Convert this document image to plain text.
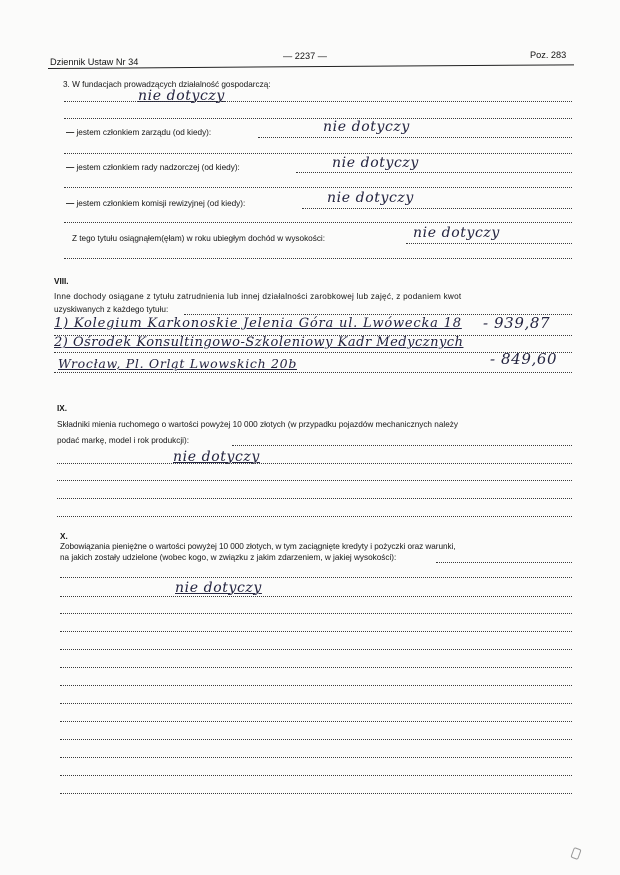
Dziennik Ustaw Nr 34
— 2237 —	Poz. 283
3. W fundacjach prowadzących działalność gospodarczą:
nie dotyczy
— jestem członkiem zarządu (od kiedy):	nie dotyczy
— jestem członkiem rady nadzorczej (od kiedy):	nie dotyczy
— jestem członkiem komisji rewizyjnej (od kiedy):	nie dotyczy
Z tego tytułu osiągnąłem(ęłam) w roku ubiegłym dochód w wysokości:	nie dotyczy
VIII.
Inne dochody osiągane z tytułu zatrudnienia lub innej działalności zarobkowej lub zajęć, z podaniem kwot
uzyskiwanych z każdego tytułu:
1) Kolegium Karkonoskie Jelenia Góra ul. Lwówecka 18 - 939,87
2) Ośrodek Konsultingowo-Szkoleniowy Kadr Medycznych
Wrocław, Pl. Orląt Lwowskich 20b	- 849,60
IX.
Składniki mienia ruchomego o wartości powyżej 10 000 złotych (w przypadku pojazdów mechanicznych należy
podać markę, model i rok produkcji):
nie dotyczy
X.
Zobowiązania pieniężne o wartości powyżej 10 000 złotych, w tym zaciągnięte kredyty i pożyczki oraz warunki,
na jakich zostały udzielone (wobec kogo, w związku z jakim zdarzeniem, w jakiej wysokości):
nie dotyczy
